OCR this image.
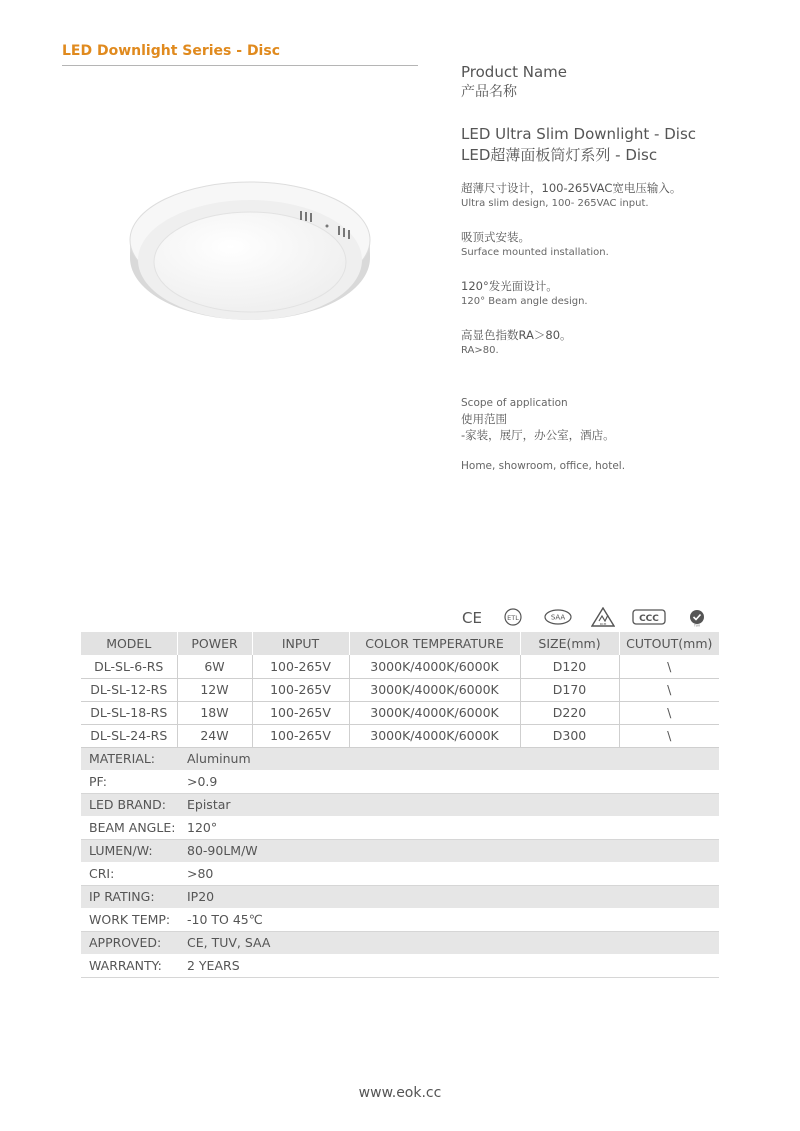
LED Downlight Series - Disc
Product Name
产品名称
LED Ultra Slim Downlight - Disc
LED超薄面板筒灯系列 - Disc
超薄尺寸设计，100-265VAC宽电压输入。
Ultra slim design, 100- 265VAC input.
吸顶式安装。
Surface mounted installation.
120°发光面设计。
120° Beam angle design.
高显色指数RA＞80。
RA>80.
Scope of application
使用范围
-家装，展厅，办公室，酒店。
Home, showroom, office, hotel.
CE	ETL	SAA
RCM	CCC
TUV
MODEL	POWER	INPUT	COLOR TEMPERATURE	SIZE(mm)	CUTOUT(mm)
DL-SL-6-RS	6W	100-265V	3000K/4000K/6000K	D120	\
DL-SL-12-RS	12W	100-265V	3000K/4000K/6000K	D170	\
DL-SL-18-RS	18W	100-265V	3000K/4000K/6000K	D220	\
DL-SL-24-RS	24W	100-265V	3000K/4000K/6000K	D300	\
MATERIAL:	Aluminum				
PF:	>0.9				
LED BRAND:	Epistar				
BEAM ANGLE:	120°				
LUMEN/W:	80-90LM/W				
CRI:	>80				
IP RATING:	IP20				
WORK TEMP:	-10 TO 45℃				
APPROVED:	CE, TUV, SAA				
WARRANTY:	2 YEARS				
www.eok.cc
